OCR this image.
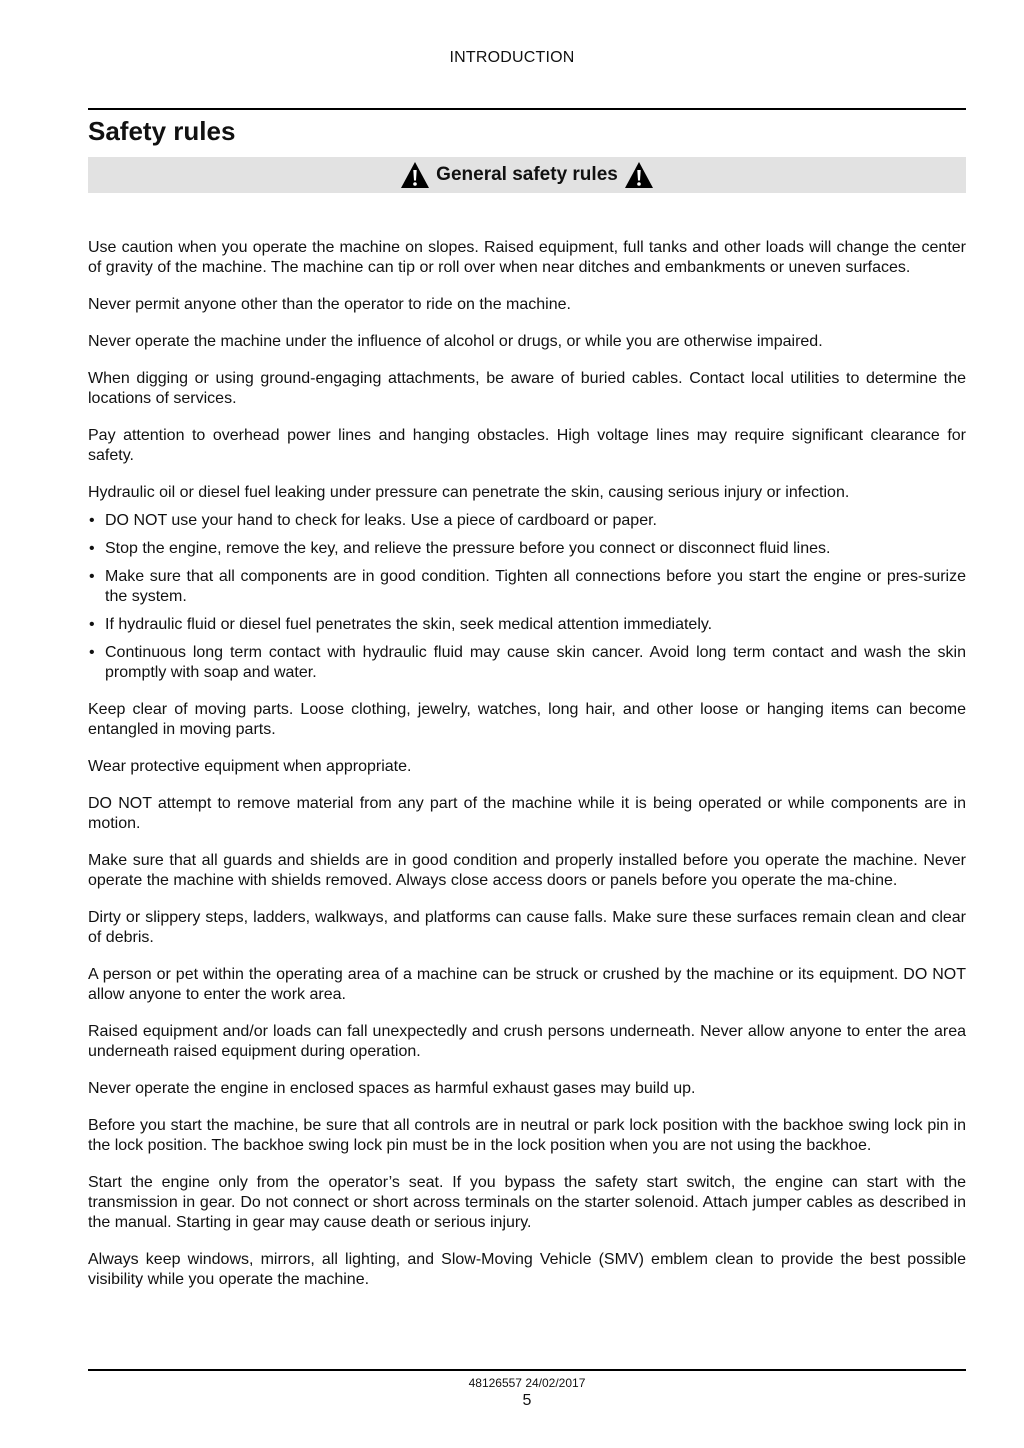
INTRODUCTION
Safety rules
General safety rules

Use caution when you operate the machine on slopes. Raised equipment, full tanks and other loads will change the center of gravity of the machine. The machine can tip or roll over when near ditches and embankments or uneven surfaces.

Never permit anyone other than the operator to ride on the machine.

Never operate the machine under the influence of alcohol or drugs, or while you are otherwise impaired.

When digging or using ground-engaging attachments, be aware of buried cables. Contact local utilities to determine the locations of services.

Pay attention to overhead power lines and hanging obstacles. High voltage lines may require significant clearance for safety.

Hydraulic oil or diesel fuel leaking under pressure can penetrate the skin, causing serious injury or infection.

• DO NOT use your hand to check for leaks. Use a piece of cardboard or paper.
• Stop the engine, remove the key, and relieve the pressure before you connect or disconnect fluid lines.
• Make sure that all components are in good condition. Tighten all connections before you start the engine or pres-surize the system.
• If hydraulic fluid or diesel fuel penetrates the skin, seek medical attention immediately.
• Continuous long term contact with hydraulic fluid may cause skin cancer. Avoid long term contact and wash the skin promptly with soap and water.

Keep clear of moving parts. Loose clothing, jewelry, watches, long hair, and other loose or hanging items can become entangled in moving parts.

Wear protective equipment when appropriate.

DO NOT attempt to remove material from any part of the machine while it is being operated or while components are in motion.

Make sure that all guards and shields are in good condition and properly installed before you operate the machine. Never operate the machine with shields removed. Always close access doors or panels before you operate the ma-chine.

Dirty or slippery steps, ladders, walkways, and platforms can cause falls. Make sure these surfaces remain clean and clear of debris.

A person or pet within the operating area of a machine can be struck or crushed by the machine or its equipment. DO NOT allow anyone to enter the work area.

Raised equipment and/or loads can fall unexpectedly and crush persons underneath. Never allow anyone to enter the area underneath raised equipment during operation.

Never operate the engine in enclosed spaces as harmful exhaust gases may build up.

Before you start the machine, be sure that all controls are in neutral or park lock position with the backhoe swing lock pin in the lock position. The backhoe swing lock pin must be in the lock position when you are not using the backhoe.

Start the engine only from the operator’s seat. If you bypass the safety start switch, the engine can start with the transmission in gear. Do not connect or short across terminals on the starter solenoid. Attach jumper cables as described in the manual. Starting in gear may cause death or serious injury.

Always keep windows, mirrors, all lighting, and Slow-Moving Vehicle (SMV) emblem clean to provide the best possible visibility while you operate the machine.

48126557 24/02/2017
5
